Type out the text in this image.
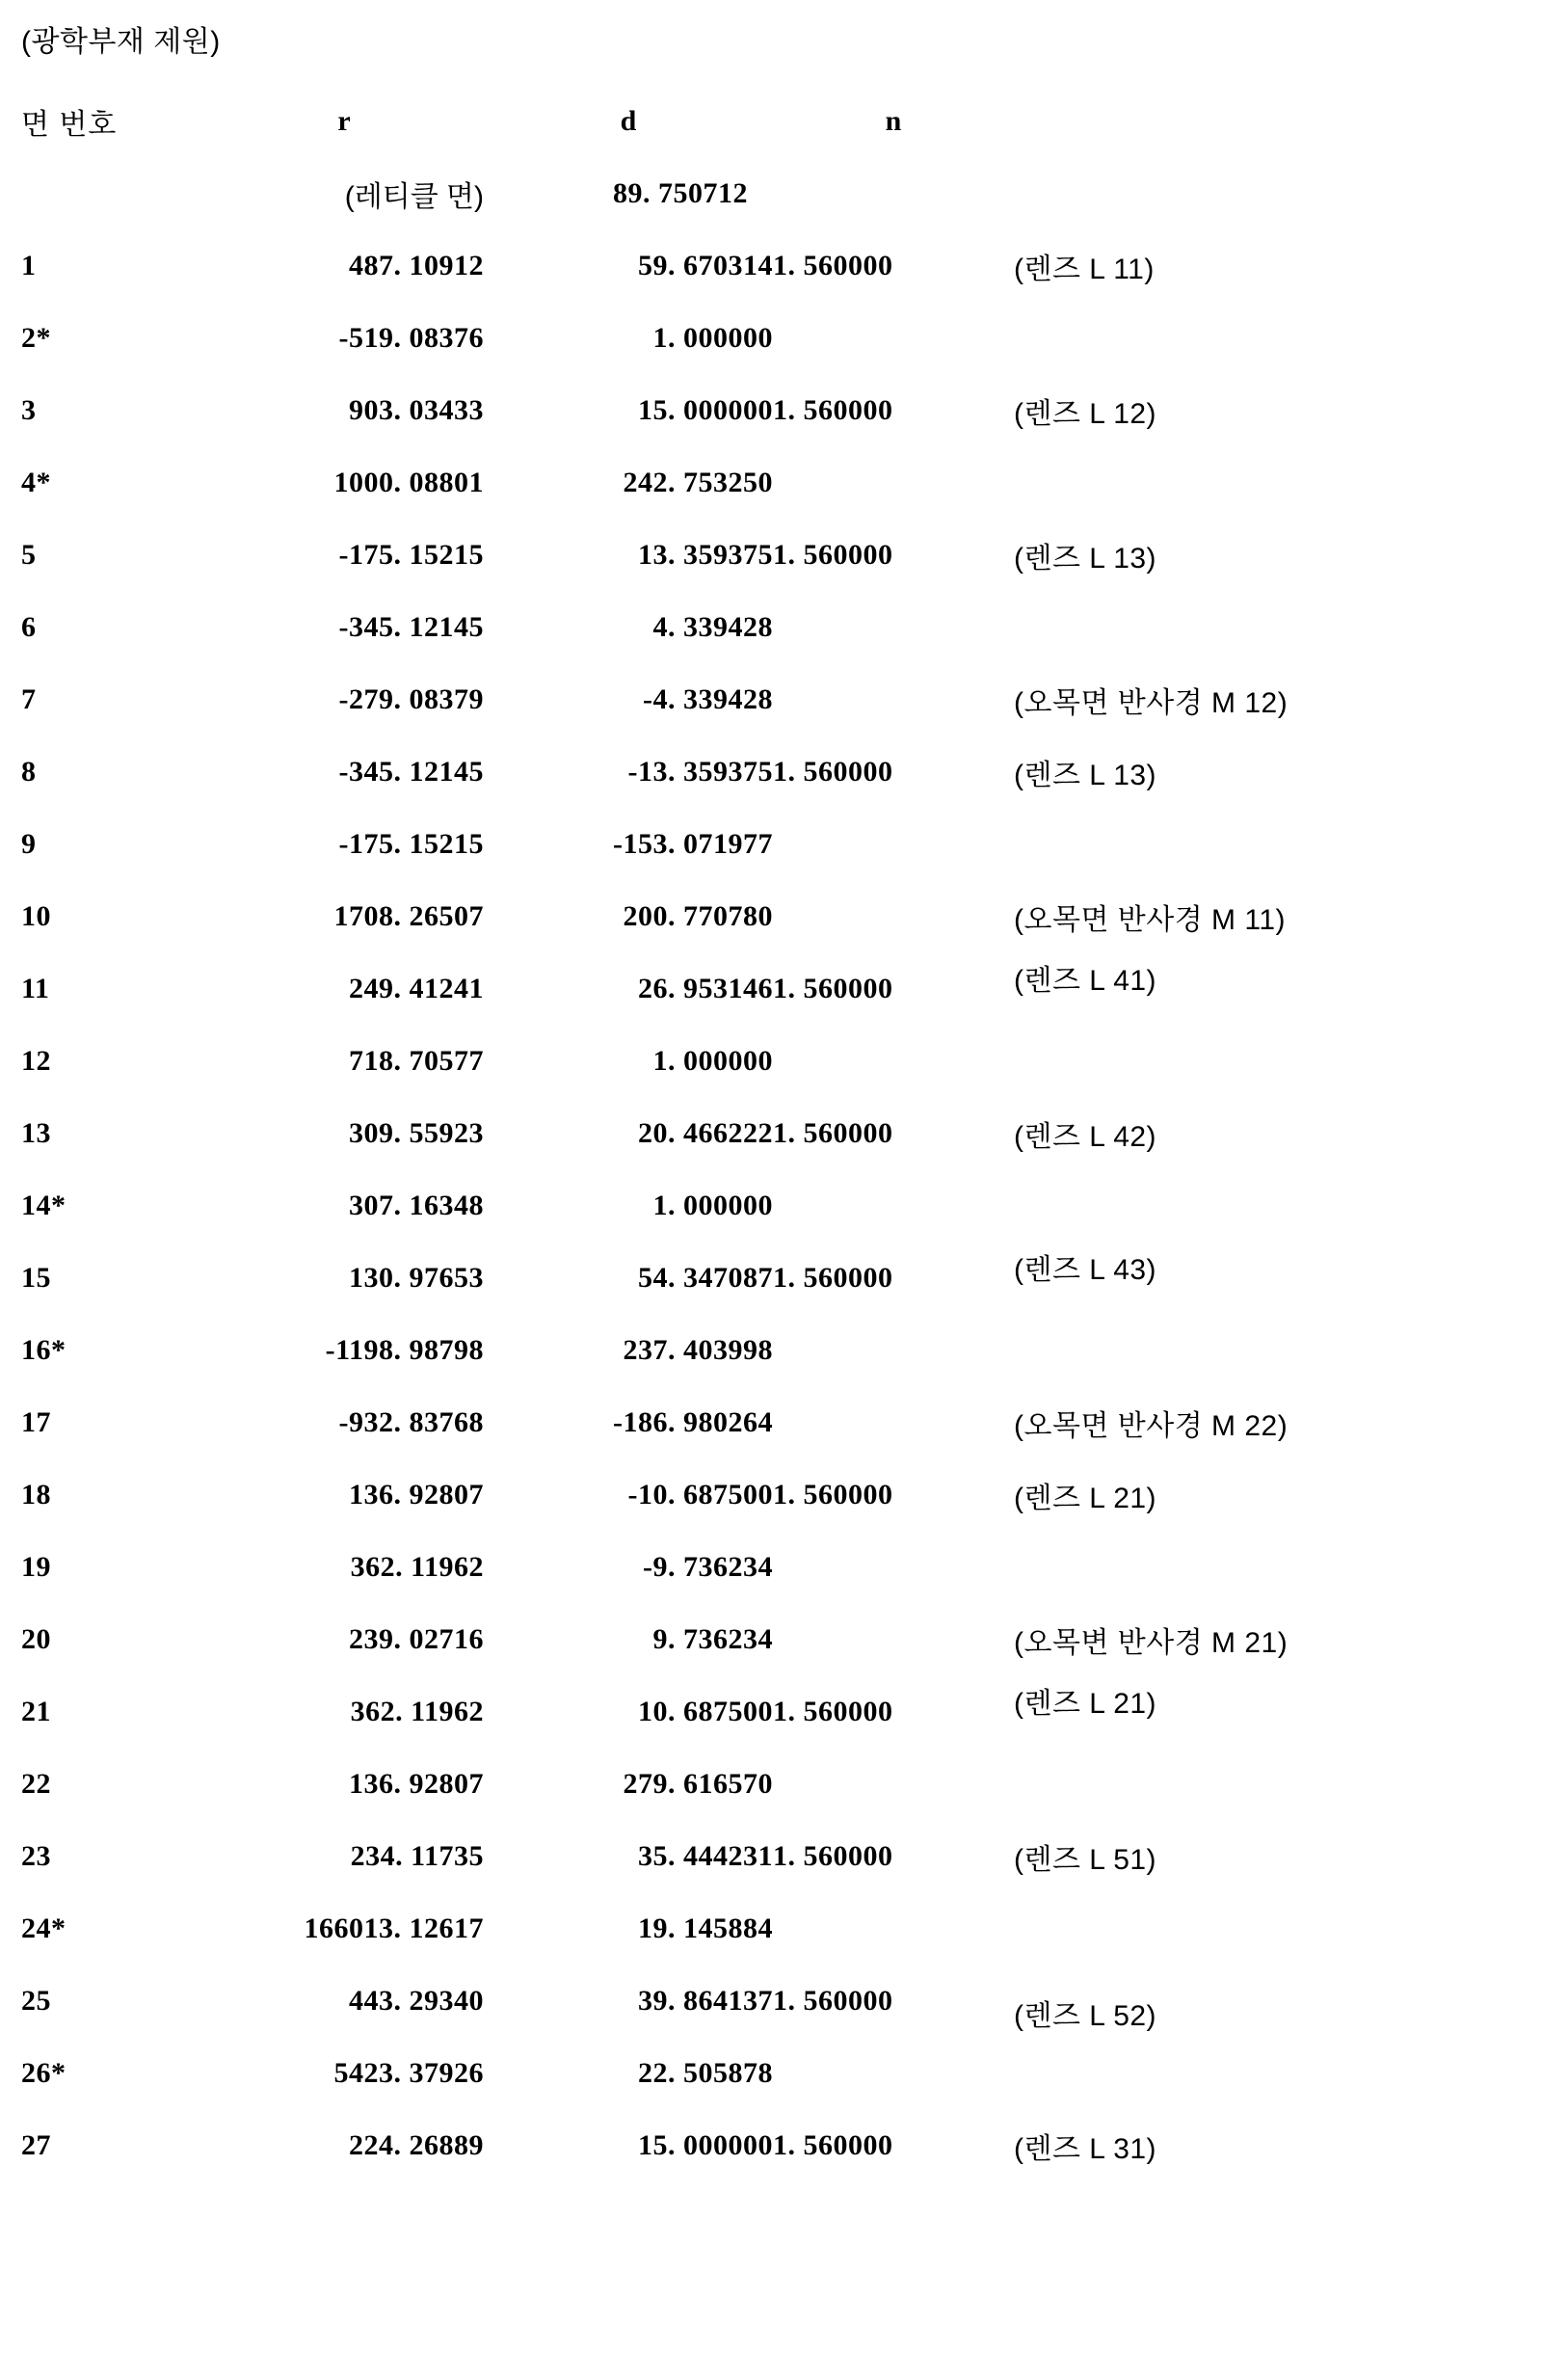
(광학부재 제원)
면 번호	r	d	n	
	(레티클 면)	89. 750712		
1	487. 10912	59. 670314	1. 560000	(렌즈 L 11)
2*	-519. 08376	1. 000000		
3	903. 03433	15. 000000	1. 560000	(렌즈 L 12)
4*	1000. 08801	242. 753250		
5	-175. 15215	13. 359375	1. 560000	(렌즈 L 13)
6	-345. 12145	4. 339428		
7	-279. 08379	-4. 339428		(오목면 반사경 M 12)
8	-345. 12145	-13. 359375	1. 560000	(렌즈 L 13)
9	-175. 15215	-153. 071977		
10	1708. 26507	200. 770780		(오목면 반사경 M 11)
11	249. 41241	26. 953146	1. 560000	(렌즈 L 41)
12	718. 70577	1. 000000		
13	309. 55923	20. 466222	1. 560000	(렌즈 L 42)
14*	307. 16348	1. 000000		
15	130. 97653	54. 347087	1. 560000	(렌즈 L 43)
16*	-1198. 98798	237. 403998		
17	-932. 83768	-186. 980264		(오목면 반사경 M 22)
18	136. 92807	-10. 687500	1. 560000	(렌즈 L 21)
19	362. 11962	-9. 736234		
20	239. 02716	9. 736234		(오목변 반사경 M 21)
21	362. 11962	10. 687500	1. 560000	(렌즈 L 21)
22	136. 92807	279. 616570		
23	234. 11735	35. 444231	1. 560000	(렌즈 L 51)
24*	166013. 12617	19. 145884		
25	443. 29340	39. 864137	1. 560000	(렌즈 L 52)
26*	5423. 37926	22. 505878		
27	224. 26889	15. 000000	1. 560000	(렌즈 L 31)
